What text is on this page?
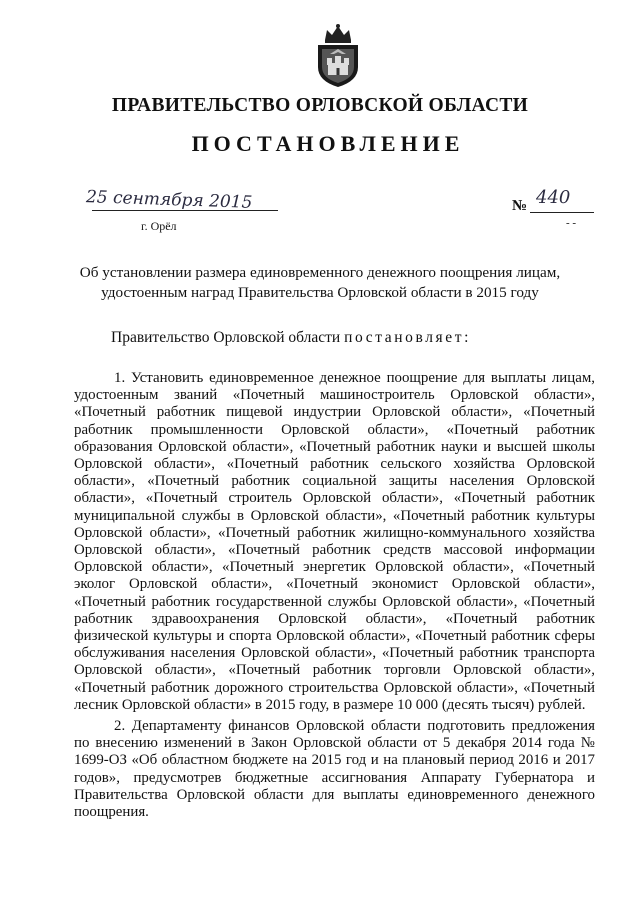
ПРАВИТЕЛЬСТВО ОРЛОВСКОЙ ОБЛАСТИ
ПОСТАНОВЛЕНИЕ
25 сентября 2015
г. Орёл
№ 440
- -
Об установлении размера единовременного денежного поощрения лицам, удостоенным наград Правительства Орловской области в 2015 году
Правительство Орловской области постановляет:

1. Установить единовременное денежное поощрение для выплаты лицам, удостоенным званий «Почетный машиностроитель Орловской области», «Почетный работник пищевой индустрии Орловской области», «Почетный работник промышленности Орловской области», «Почетный работник образования Орловской области», «Почетный работник науки и высшей школы Орловской области», «Почетный работник сельского хозяйства Орловской области», «Почетный работник социальной защиты населения Орловской области», «Почетный строитель Орловской области», «Почетный работник муниципальной службы в Орловской области», «Почетный работник культуры Орловской области», «Почетный работник жилищно-коммунального хозяйства Орловской области», «Почетный работник средств массовой информации Орловской области», «Почетный энергетик Орловской области», «Почетный эколог Орловской области», «Почетный экономист Орловской области», «Почетный работник государственной службы Орловской области», «Почетный работник здравоохранения Орловской области», «Почетный работник физической культуры и спорта Орловской области», «Почетный работник сферы обслуживания населения Орловской области», «Почетный работник транспорта Орловской области», «Почетный работник торговли Орловской области», «Почетный работник дорожного строительства Орловской области», «Почетный лесник Орловской области» в 2015 году, в размере 10 000 (десять тысяч) рублей.

2. Департаменту финансов Орловской области подготовить предложения по внесению изменений в Закон Орловской области от 5 декабря 2014 года № 1699-ОЗ «Об областном бюджете на 2015 год и на плановый период 2016 и 2017 годов», предусмотрев бюджетные ассигнования Аппарату Губернатора и Правительства Орловской области для выплаты единовременного денежного поощрения.
